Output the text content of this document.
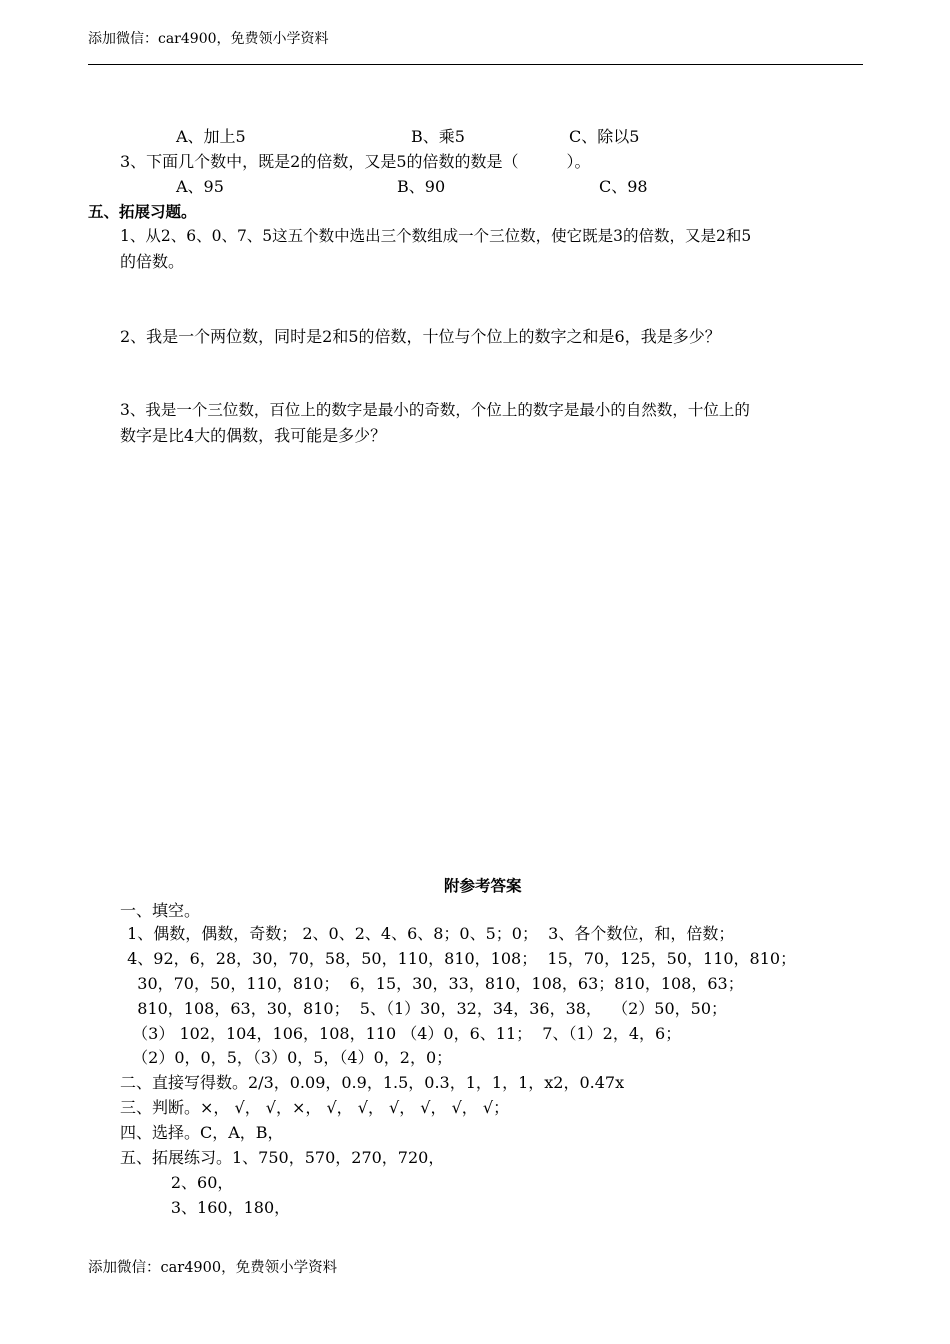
添加微信：car4900，免费领小学资料
A、加上5	B、乘5	C、除以5
3、下面几个数中，既是2的倍数，又是5的倍数的数是（　　　）。
A、95	B、90	C、98
五、拓展习题。
1、从2、6、0、7、5这五个数中选出三个数组成一个三位数，使它既是3的倍数，又是2和5
的倍数。
2、我是一个两位数，同时是2和5的倍数，十位与个位上的数字之和是6，我是多少？
3、我是一个三位数，百位上的数字是最小的奇数，个位上的数字是最小的自然数，十位上的
数字是比4大的偶数，我可能是多少？
附参考答案
一、填空。
1、偶数，偶数，奇数； 2、0、2、4、6、8；0、5；0；  3、各个数位，和，倍数；
4、92，6，28，30，70，58，50，110，810，108；  15，70，125，50，110，810；
30，70，50，110，810；  6，15，30，33，810，108，63；810，108，63；
810，108，63，30，810；  5、（1）30，32，34，36，38，  （2）50，50；
（3） 102，104，106，108，110 （4）0，6、11；  7、（1）2，4，6；
（2）0，0，5，（3）0，5，（4）0，2，0；
二、直接写得数。2/3，0.09，0.9，1.5，0.3，1，1，1，x2，0.47x
三、判断。×， √， √，×， √， √， √， √， √， √；
四、选择。C，A，B，
五、拓展练习。1、750，570，270，720，
2、60，
3、160，180，
添加微信：car4900，免费领小学资料
